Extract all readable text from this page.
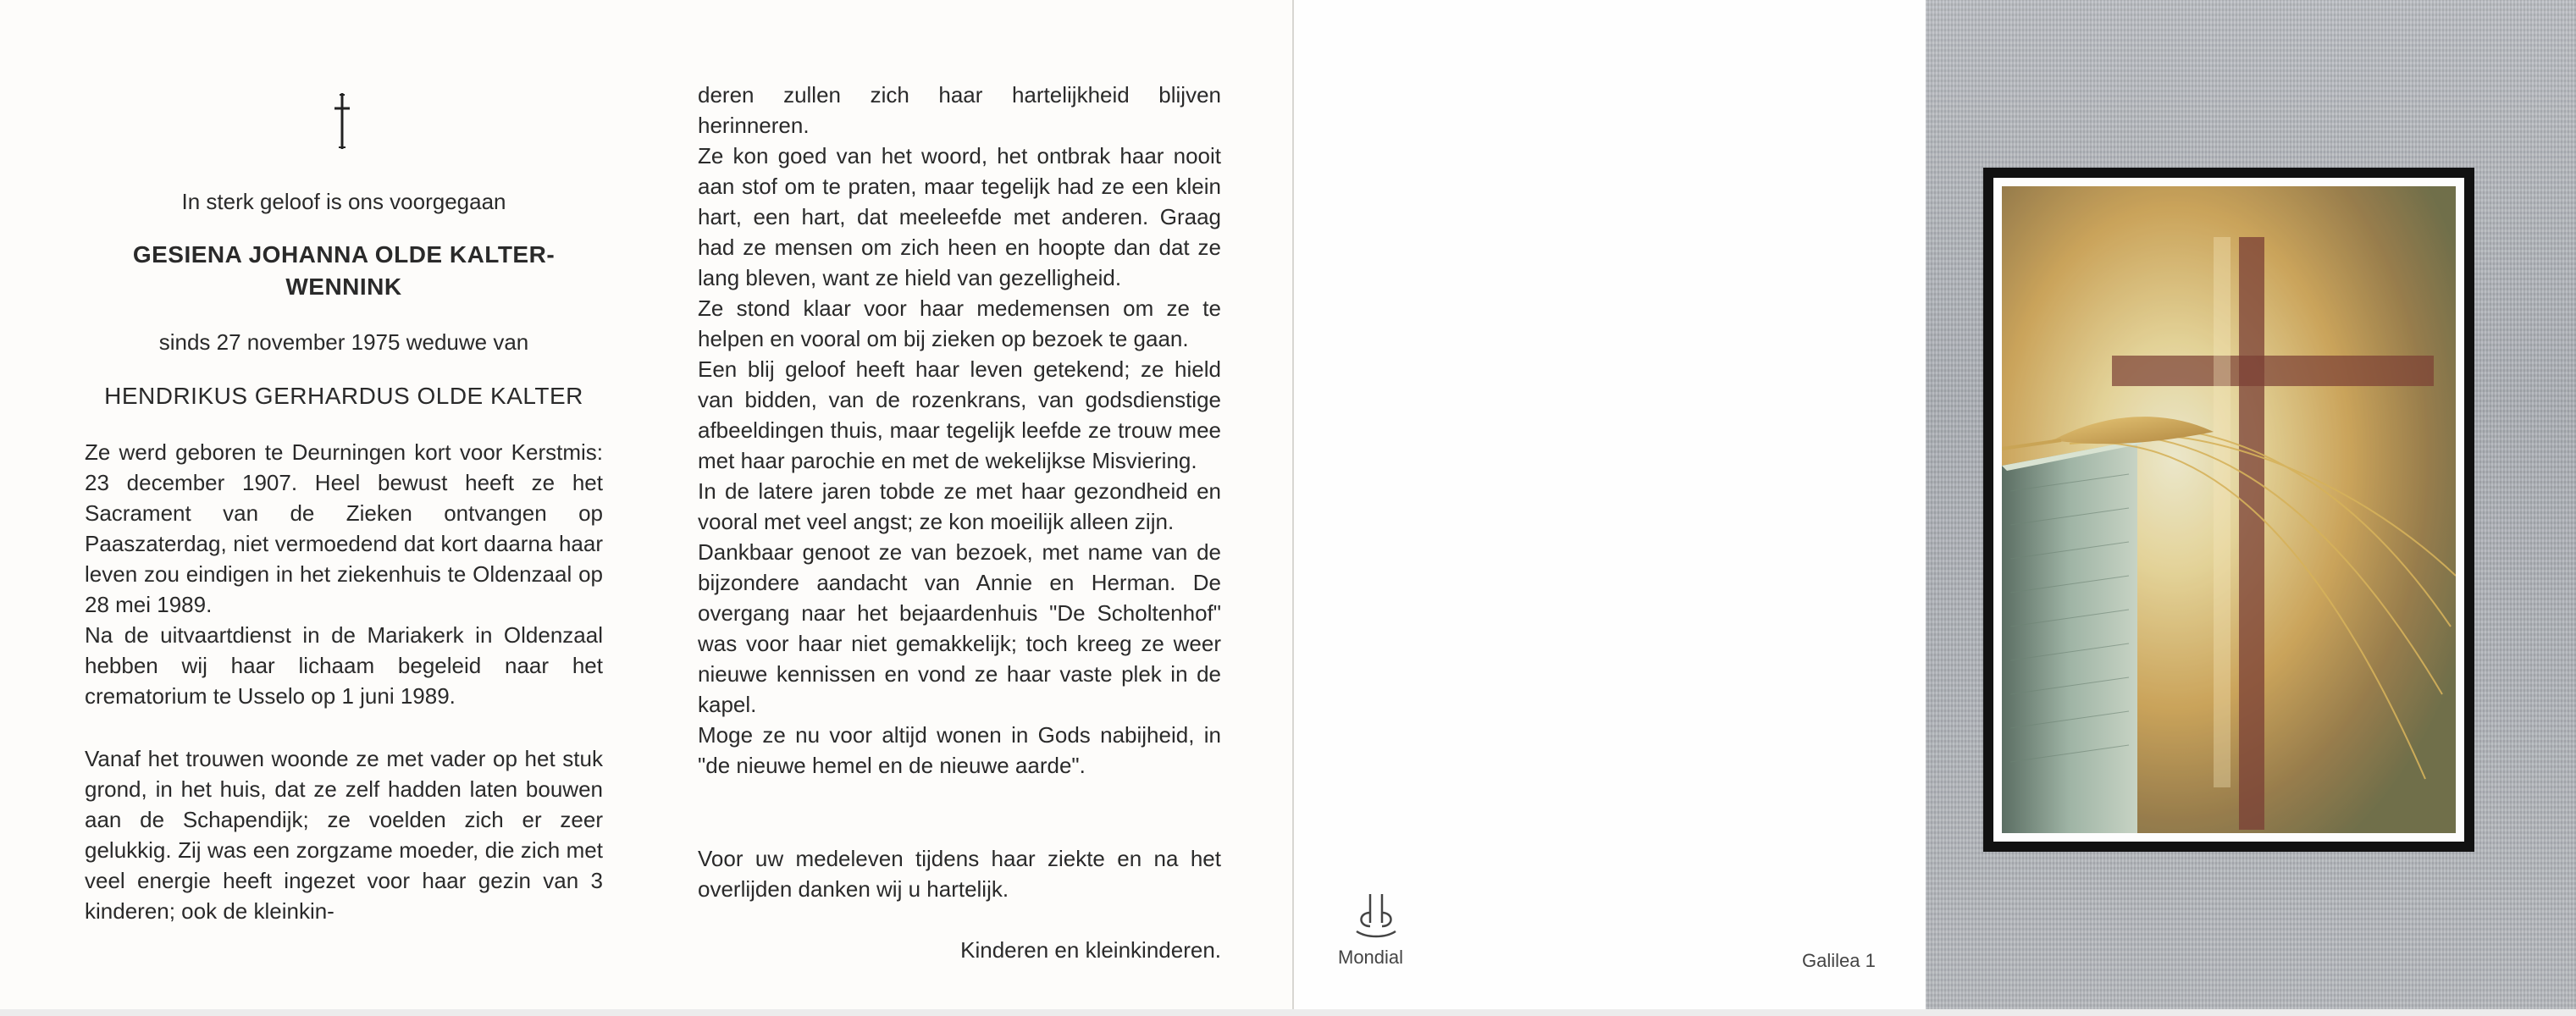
In sterk geloof is ons voorgegaan

GESIENA JOHANNA OLDE KALTER-

WENNINK

sinds 27 november 1975 weduwe van

HENDRIKUS GERHARDUS OLDE KALTER

Ze werd geboren te Deurningen kort voor Kerstmis: 23 december 1907. Heel bewust heeft ze het Sacrament van de Zieken ontvangen op Paaszaterdag, niet vermoedend dat kort daarna haar leven zou eindigen in het ziekenhuis te Oldenzaal op 28 mei 1989.

Na de uitvaartdienst in de Mariakerk in Oldenzaal hebben wij haar lichaam begeleid naar het crematorium te Usselo op 1 juni 1989.

Vanaf het trouwen woonde ze met vader op het stuk grond, in het huis, dat ze zelf hadden laten bouwen aan de Schapendijk; ze voelden zich er zeer gelukkig. Zij was een zorgzame moeder, die zich met veel energie heeft ingezet voor haar gezin van 3 kinderen; ook de kleinkin-

deren zullen zich haar hartelijkheid blijven herinneren.

Ze kon goed van het woord, het ontbrak haar nooit aan stof om te praten, maar tegelijk had ze een klein hart, een hart, dat meeleefde met anderen. Graag had ze mensen om zich heen en hoopte dan dat ze lang bleven, want ze hield van gezelligheid.

Ze stond klaar voor haar medemensen om ze te helpen en vooral om bij zieken op bezoek te gaan.

Een blij geloof heeft haar leven getekend; ze hield van bidden, van de rozenkrans, van godsdienstige afbeeldingen thuis, maar tegelijk leefde ze trouw mee met haar parochie en met de wekelijkse Misviering.

In de latere jaren tobde ze met haar gezondheid en vooral met veel angst; ze kon moeilijk alleen zijn.

Dankbaar genoot ze van bezoek, met name van de bijzondere aandacht van Annie en Herman. De overgang naar het bejaardenhuis "De Scholtenhof" was voor haar niet gemakkelijk; toch kreeg ze weer nieuwe kennissen en vond ze haar vaste plek in de kapel.

Moge ze nu voor altijd wonen in Gods nabijheid, in "de nieuwe hemel en de nieuwe aarde".

Voor uw medeleven tijdens haar ziekte en na het overlijden danken wij u hartelijk.

Kinderen en kleinkinderen.	Mondial	Galilea 1
